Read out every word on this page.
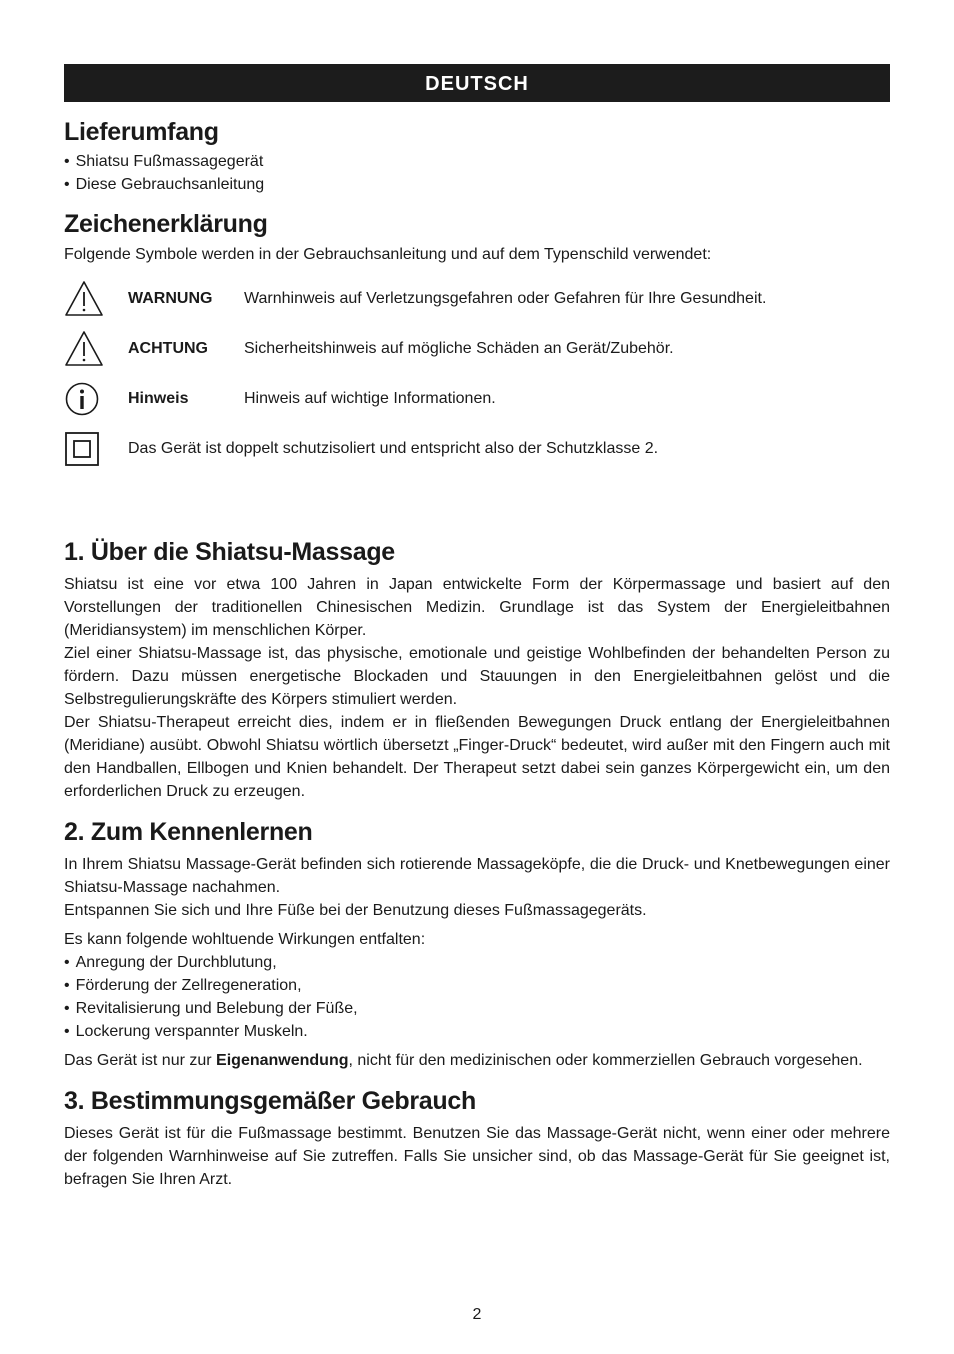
DEUTSCH
Lieferumfang
• Shiatsu Fußmassagegerät
• Diese Gebrauchsanleitung
Zeichenerklärung

Folgende Symbole werden in der Gebrauchsanleitung und auf dem Typenschild verwendet:

WARNUNG	Warnhinweis auf Verletzungsgefahren oder Gefahren für Ihre Gesundheit.
ACHTUNG	Sicherheitshinweis auf mögliche Schäden an Gerät/Zubehör.
Hinweis	Hinweis auf wichtige Informationen.
Das Gerät ist doppelt schutzisoliert und entspricht also der Schutzklasse 2.
1. Über die Shiatsu-Massage

Shiatsu ist eine vor etwa 100 Jahren in Japan entwickelte Form der Körpermassage und basiert auf den Vorstellungen der traditionellen Chinesischen Medizin. Grundlage ist das System der Energieleitbahnen (Meridiansystem) im menschlichen Körper.

Ziel einer Shiatsu-Massage ist, das physische, emotionale und geistige Wohlbefinden der behandelten Person zu fördern. Dazu müssen energetische Blockaden und Stauungen in den Energieleitbahnen gelöst und die Selbstregulierungskräfte des Körpers stimuliert werden.

Der Shiatsu-Therapeut erreicht dies, indem er in fließenden Bewegungen Druck entlang der Energieleitbahnen (Meridiane) ausübt. Obwohl Shiatsu wörtlich übersetzt „Finger-Druck“ bedeutet, wird außer mit den Fingern auch mit den Handballen, Ellbogen und Knien behandelt. Der Therapeut setzt dabei sein ganzes Körpergewicht ein, um den erforderlichen Druck zu erzeugen.

2. Zum Kennenlernen

In Ihrem Shiatsu Massage-Gerät befinden sich rotierende Massageköpfe, die die Druck- und Knetbewegungen einer Shiatsu-Massage nachahmen.

Entspannen Sie sich und Ihre Füße bei der Benutzung dieses Fußmassagegeräts.

Es kann folgende wohltuende Wirkungen entfalten:

• Anregung der Durchblutung,
• Förderung der Zellregeneration,
• Revitalisierung und Belebung der Füße,
• Lockerung verspannter Muskeln.

Das Gerät ist nur zur Eigenanwendung, nicht für den medizinischen oder kommerziellen Gebrauch vorgesehen.

3. Bestimmungsgemäßer Gebrauch

Dieses Gerät ist für die Fußmassage bestimmt. Benutzen Sie das Massage-Gerät nicht, wenn einer oder mehrere der folgenden Warnhinweise auf Sie zutreffen. Falls Sie unsicher sind, ob das Massage-Gerät für Sie geeignet ist, befragen Sie Ihren Arzt.

2
